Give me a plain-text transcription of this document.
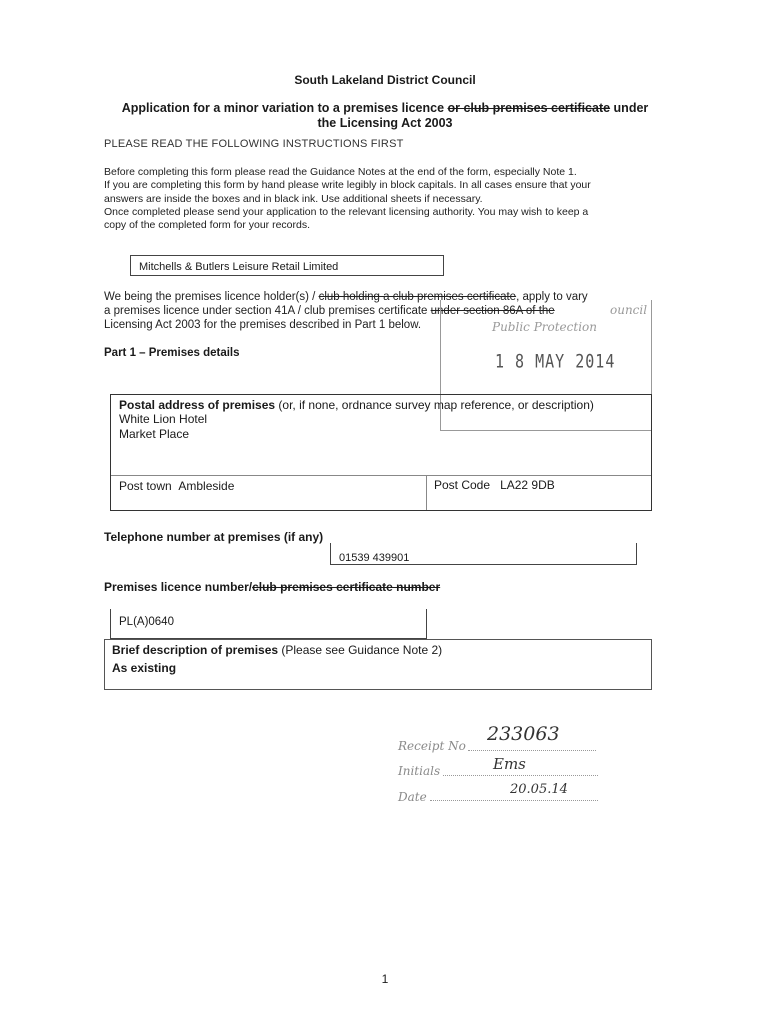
South Lakeland District Council
Application for a minor variation to a premises licence or club premises certificate under
the Licensing Act 2003
PLEASE READ THE FOLLOWING INSTRUCTIONS FIRST
Before completing this form please read the Guidance Notes at the end of the form, especially Note 1.
If you are completing this form by hand please write legibly in block capitals. In all cases ensure that your
answers are inside the boxes and in black ink. Use additional sheets if necessary.
Once completed please send your application to the relevant licensing authority. You may wish to keep a
copy of the completed form for your records.
Mitchells & Butlers Leisure Retail Limited
We being the premises licence holder(s) / club holding a club premises certificate, apply to vary
a premises licence under section 41A / club premises certificate under section 86A of the
Licensing Act 2003 for the premises described in Part 1 below.
ouncil
Public Protection
1 8 MAY 2014
Part 1 – Premises details
Postal address of premises (or, if none, ordnance survey map reference, or description)
White Lion Hotel
Market Place
Post town Ambleside	Post Code LA22 9DB
Telephone number at premises (if any)
01539 439901
Premises licence number/club premises certificate number
PL(A)0640
Brief description of premises (Please see Guidance Note 2)
As existing
Receipt No
233063
Initials	Ems
Date	20.05.14
1
